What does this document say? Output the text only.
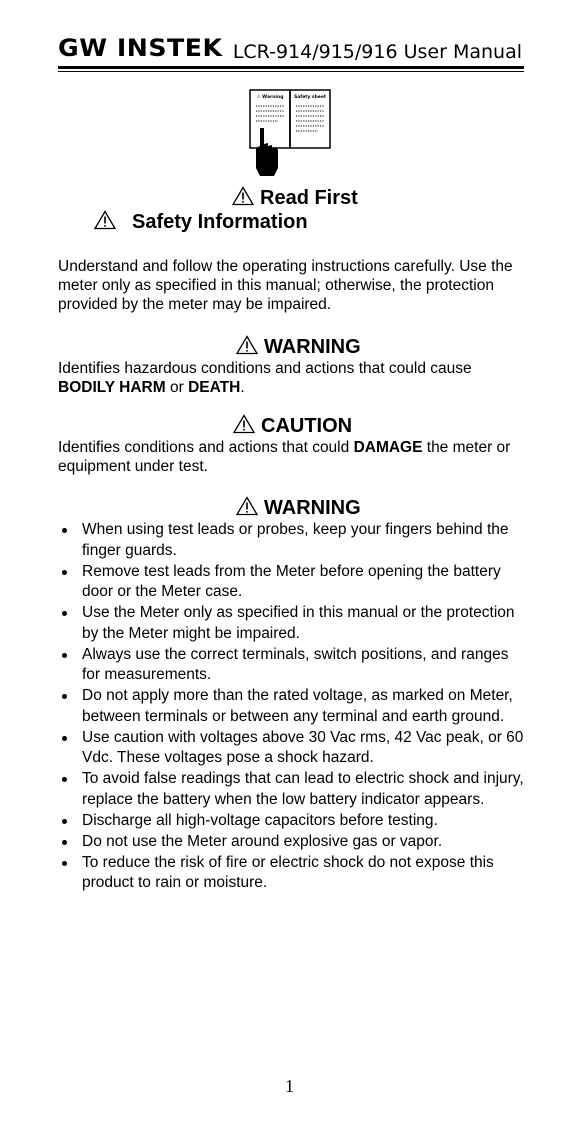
GW INSTEK LCR-914/915/916 User Manual
⚠ Warning Safety sheet
Read First
Safety Information
Understand and follow the operating instructions carefully. Use the meter only as specified in this manual; otherwise, the protection provided by the meter may be impaired.
WARNING
Identifies hazardous conditions and actions that could cause BODILY HARM or DEATH.
CAUTION
Identifies conditions and actions that could DAMAGE the meter or equipment under test.
WARNING
When using test leads or probes, keep your fingers behind the finger guards.
Remove test leads from the Meter before opening the battery door or the Meter case.
Use the Meter only as specified in this manual or the protection by the Meter might be impaired.
Always use the correct terminals, switch positions, and ranges for measurements.
Do not apply more than the rated voltage, as marked on Meter, between terminals or between any terminal and earth ground.
Use caution with voltages above 30 Vac rms, 42 Vac peak, or 60 Vdc. These voltages pose a shock hazard.
To avoid false readings that can lead to electric shock and injury, replace the battery when the low battery indicator appears.
Discharge all high-voltage capacitors before testing.
Do not use the Meter around explosive gas or vapor.
To reduce the risk of fire or electric shock do not expose this product to rain or moisture.
1
